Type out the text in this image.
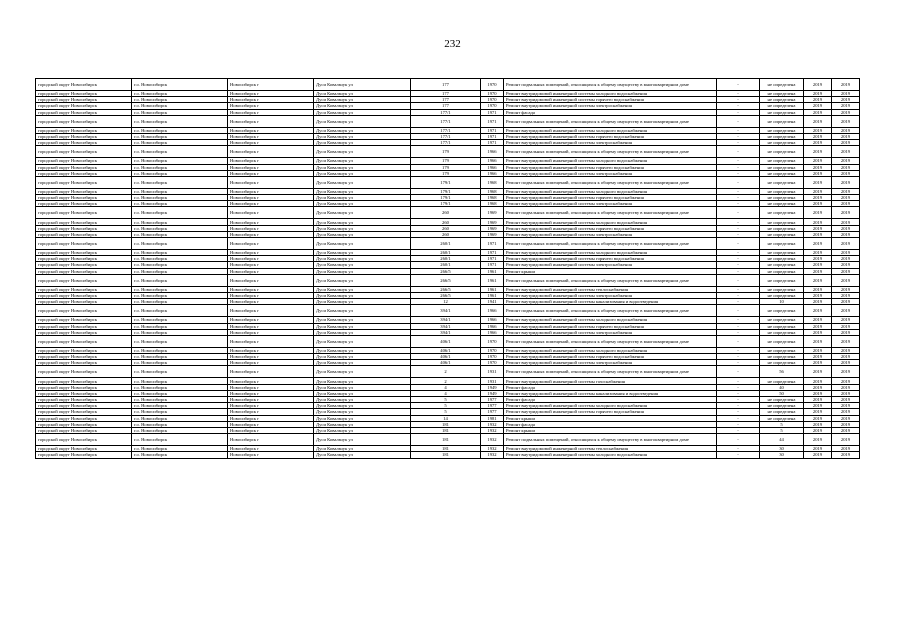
232
городской округ Новосибирск	г.о. Новосибирск	Новосибирск г	Дуси Ковальчук ул	177	1970	Ремонт подвальных помещений, относящихся к общему имуществу в многоквартирном доме	-	не определена	2019	2019
городской округ Новосибирск	г.о. Новосибирск	Новосибирск г	Дуси Ковальчук ул	177	1970	Ремонт внутридомовой инженерной системы холодного водоснабжения	-	не определена	2019	2019
городской округ Новосибирск	г.о. Новосибирск	Новосибирск г	Дуси Ковальчук ул	177	1970	Ремонт внутридомовой инженерной системы горячего водоснабжения	-	не определена	2019	2019
городской округ Новосибирск	г.о. Новосибирск	Новосибирск г	Дуси Ковальчук ул	177	1970	Ремонт внутридомовой инженерной системы электроснабжения	-	не определена	2019	2019
городской округ Новосибирск	г.о. Новосибирск	Новосибирск г	Дуси Ковальчук ул	177/1	1971	Ремонт фасада	-	не определена	2019	2019
городской округ Новосибирск	г.о. Новосибирск	Новосибирск г	Дуси Ковальчук ул	177/1	1971	Ремонт подвальных помещений, относящихся к общему имуществу в многоквартирном доме	-	не определена	2019	2019
городской округ Новосибирск	г.о. Новосибирск	Новосибирск г	Дуси Ковальчук ул	177/1	1971	Ремонт внутридомовой инженерной системы холодного водоснабжения	-	не определена	2019	2019
городской округ Новосибирск	г.о. Новосибирск	Новосибирск г	Дуси Ковальчук ул	177/1	1971	Ремонт внутридомовой инженерной системы горячего водоснабжения	-	не определена	2019	2019
городской округ Новосибирск	г.о. Новосибирск	Новосибирск г	Дуси Ковальчук ул	177/1	1971	Ремонт внутридомовой инженерной системы электроснабжения	-	не определена	2019	2019
городской округ Новосибирск	г.о. Новосибирск	Новосибирск г	Дуси Ковальчук ул	179	1966	Ремонт подвальных помещений, относящихся к общему имуществу в многоквартирном доме	-	не определена	2019	2019
городской округ Новосибирск	г.о. Новосибирск	Новосибирск г	Дуси Ковальчук ул	179	1966	Ремонт внутридомовой инженерной системы холодного водоснабжения	-	не определена	2019	2019
городской округ Новосибирск	г.о. Новосибирск	Новосибирск г	Дуси Ковальчук ул	179	1966	Ремонт внутридомовой инженерной системы горячего водоснабжения	-	не определена	2019	2019
городской округ Новосибирск	г.о. Новосибирск	Новосибирск г	Дуси Ковальчук ул	179	1966	Ремонт внутридомовой инженерной системы электроснабжения	-	не определена	2019	2019
городской округ Новосибирск	г.о. Новосибирск	Новосибирск г	Дуси Ковальчук ул	179/1	1968	Ремонт подвальных помещений, относящихся к общему имуществу в многоквартирном доме	-	не определена	2019	2019
городской округ Новосибирск	г.о. Новосибирск	Новосибирск г	Дуси Ковальчук ул	179/1	1968	Ремонт внутридомовой инженерной системы холодного водоснабжения	-	не определена	2019	2019
городской округ Новосибирск	г.о. Новосибирск	Новосибирск г	Дуси Ковальчук ул	179/1	1968	Ремонт внутридомовой инженерной системы горячего водоснабжения	-	не определена	2019	2019
городской округ Новосибирск	г.о. Новосибирск	Новосибирск г	Дуси Ковальчук ул	179/1	1968	Ремонт внутридомовой инженерной системы электроснабжения	-	не определена	2019	2019
городской округ Новосибирск	г.о. Новосибирск	Новосибирск г	Дуси Ковальчук ул	260	1969	Ремонт подвальных помещений, относящихся к общему имуществу в многоквартирном доме	-	не определена	2019	2019
городской округ Новосибирск	г.о. Новосибирск	Новосибирск г	Дуси Ковальчук ул	260	1969	Ремонт внутридомовой инженерной системы холодного водоснабжения	-	не определена	2019	2019
городской округ Новосибирск	г.о. Новосибирск	Новосибирск г	Дуси Ковальчук ул	260	1969	Ремонт внутридомовой инженерной системы горячего водоснабжения	-	не определена	2019	2019
городской округ Новосибирск	г.о. Новосибирск	Новосибирск г	Дуси Ковальчук ул	260	1969	Ремонт внутридомовой инженерной системы электроснабжения	-	не определена	2019	2019
городской округ Новосибирск	г.о. Новосибирск	Новосибирск г	Дуси Ковальчук ул	260/1	1971	Ремонт подвальных помещений, относящихся к общему имуществу в многоквартирном доме	-	не определена	2019	2019
городской округ Новосибирск	г.о. Новосибирск	Новосибирск г	Дуси Ковальчук ул	260/1	1971	Ремонт внутридомовой инженерной системы холодного водоснабжения	-	не определена	2019	2019
городской округ Новосибирск	г.о. Новосибирск	Новосибирск г	Дуси Ковальчук ул	260/1	1971	Ремонт внутридомовой инженерной системы горячего водоснабжения	-	не определена	2019	2019
городской округ Новосибирск	г.о. Новосибирск	Новосибирск г	Дуси Ковальчук ул	260/1	1971	Ремонт внутридомовой инженерной системы электроснабжения	-	не определена	2019	2019
городской округ Новосибирск	г.о. Новосибирск	Новосибирск г	Дуси Ковальчук ул	266/5	1961	Ремонт крыши	-	не определена	2019	2019
городской округ Новосибирск	г.о. Новосибирск	Новосибирск г	Дуси Ковальчук ул	266/5	1961	Ремонт подвальных помещений, относящихся к общему имуществу в многоквартирном доме	-	не определена	2019	2019
городской округ Новосибирск	г.о. Новосибирск	Новосибирск г	Дуси Ковальчук ул	266/5	1961	Ремонт внутридомовой инженерной системы теплоснабжения	-	не определена	2019	2019
городской округ Новосибирск	г.о. Новосибирск	Новосибирск г	Дуси Ковальчук ул	266/5	1961	Ремонт внутридомовой инженерной системы электроснабжения	-	не определена	2019	2019
городской округ Новосибирск	г.о. Новосибирск	Новосибирск г	Дуси Ковальчук ул	12	1941	Ремонт внутридомовой инженерной системы канализования и водоотведения	-	10	2019	2019
городской округ Новосибирск	г.о. Новосибирск	Новосибирск г	Дуси Ковальчук ул	394/1	1966	Ремонт подвальных помещений, относящихся к общему имуществу в многоквартирном доме	-	не определена	2019	2019
городской округ Новосибирск	г.о. Новосибирск	Новосибирск г	Дуси Ковальчук ул	394/1	1966	Ремонт внутридомовой инженерной системы холодного водоснабжения	-	не определена	2019	2019
городской округ Новосибирск	г.о. Новосибирск	Новосибирск г	Дуси Ковальчук ул	394/1	1966	Ремонт внутридомовой инженерной системы горячего водоснабжения	-	не определена	2019	2019
городской округ Новосибирск	г.о. Новосибирск	Новосибирск г	Дуси Ковальчук ул	394/1	1966	Ремонт внутридомовой инженерной системы электроснабжения	-	не определена	2019	2019
городской округ Новосибирск	г.о. Новосибирск	Новосибирск г	Дуси Ковальчук ул	406/1	1970	Ремонт подвальных помещений, относящихся к общему имуществу в многоквартирном доме	-	не определена	2019	2019
городской округ Новосибирск	г.о. Новосибирск	Новосибирск г	Дуси Ковальчук ул	406/1	1970	Ремонт внутридомовой инженерной системы холодного водоснабжения	-	не определена	2019	2019
городской округ Новосибирск	г.о. Новосибирск	Новосибирск г	Дуси Ковальчук ул	406/1	1970	Ремонт внутридомовой инженерной системы горячего водоснабжения	-	не определена	2019	2019
городской округ Новосибирск	г.о. Новосибирск	Новосибирск г	Дуси Ковальчук ул	406/1	1970	Ремонт внутридомовой инженерной системы электроснабжения	-	не определена	2019	2019
городской округ Новосибирск	г.о. Новосибирск	Новосибирск г	Дуси Ковальчук ул	2	1931	Ремонт подвальных помещений, относящихся к общему имуществу в многоквартирном доме	-	56	2019	2019
городской округ Новосибирск	г.о. Новосибирск	Новосибирск г	Дуси Ковальчук ул	2	1931	Ремонт внутридомовой инженерной системы газоснабжения	-	не определена	2019	2019
городской округ Новосибирск	г.о. Новосибирск	Новосибирск г	Дуси Ковальчук ул	4	1949	Ремонт фасада	-	40	2019	2019
городской округ Новосибирск	г.о. Новосибирск	Новосибирск г	Дуси Ковальчук ул	4	1949	Ремонт внутридомовой инженерной системы канализования и водоотведения	-	50	2019	2019
городской округ Новосибирск	г.о. Новосибирск	Новосибирск г	Дуси Ковальчук ул	5	1977	Ремонт фасада	-	не определена	2019	2019
городской округ Новосибирск	г.о. Новосибирск	Новосибирск г	Дуси Ковальчук ул	5	1977	Ремонт внутридомовой инженерной системы холодного водоснабжения	-	не определена	2019	2019
городской округ Новосибирск	г.о. Новосибирск	Новосибирск г	Дуси Ковальчук ул	5	1977	Ремонт внутридомовой инженерной системы горячего водоснабжения	-	не определена	2019	2019
городской округ Новосибирск	г.о. Новосибирск	Новосибирск г	Дуси Ковальчук ул	14	1981	Ремонт крыши	-	не определена	2019	2019
городской округ Новосибирск	г.о. Новосибирск	Новосибирск г	Дуси Ковальчук ул	181	1932	Ремонт фасада	-	5	2019	2019
городской округ Новосибирск	г.о. Новосибирск	Новосибирск г	Дуси Ковальчук ул	181	1932	Ремонт крыши	-	5	2019	2019
городской округ Новосибирск	г.о. Новосибирск	Новосибирск г	Дуси Ковальчук ул	181	1932	Ремонт подвальных помещений, относящихся к общему имуществу в многоквартирном доме	-	44	2019	2019
городской округ Новосибирск	г.о. Новосибирск	Новосибирск г	Дуси Ковальчук ул	181	1932	Ремонт внутридомовой инженерной системы теплоснабжения	-	30	2019	2019
городской округ Новосибирск	г.о. Новосибирск	Новосибирск г	Дуси Ковальчук ул	181	1932	Ремонт внутридомовой инженерной системы холодного водоснабжения	-	30	2019	2019
